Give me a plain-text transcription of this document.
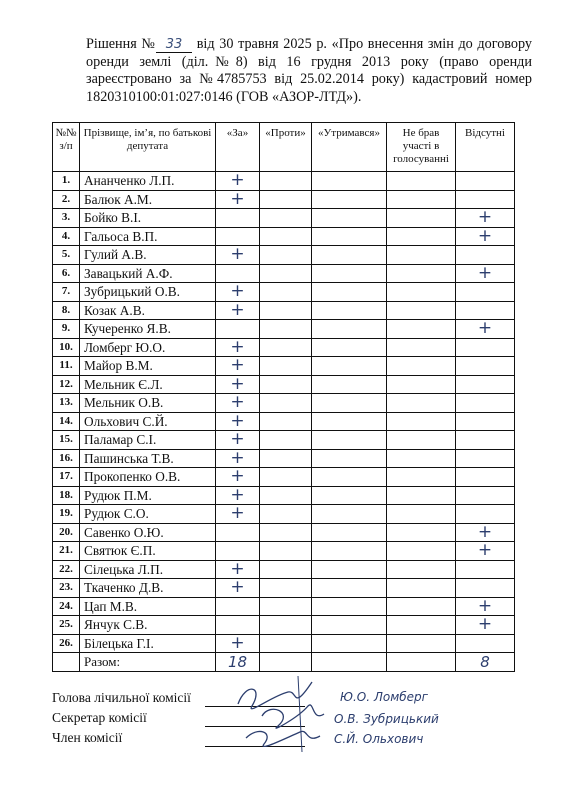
Рішення № 33 від 30 травня 2025 р. «Про внесення змін до договору оренди землі (діл.№8) від 16 грудня 2013 року (право оренди зареєстровано за №4785753 від 25.02.2014 року) кадастровий номер 1820310100:01:027:0146 (ГОВ «АЗОР-ЛТД»).
№№ з/п	Прізвище, ім’я, по батькові депутата	«За»	«Проти»	«Утримався»	Не брав участі в голосуванні	Відсутні
1.	Ананченко Л.П.	+				
2.	Балюк А.М.	+				
3.	Бойко В.І.					+
4.	Гальоса В.П.					+
5.	Гулий А.В.	+				
6.	Завацький А.Ф.					+
7.	Зубрицький О.В.	+				
8.	Козак А.В.	+				
9.	Кучеренко Я.В.					+
10.	Ломберг Ю.О.	+				
11.	Майор В.М.	+				
12.	Мельник Є.Л.	+				
13.	Мельник О.В.	+				
14.	Ольхович С.Й.	+				
15.	Паламар С.І.	+				
16.	Пашинська Т.В.	+				
17.	Прокопенко О.В.	+				
18.	Рудюк П.М.	+				
19.	Рудюк С.О.	+				
20.	Савенко О.Ю.					+
21.	Святюк Є.П.					+
22.	Сілецька Л.П.	+				
23.	Ткаченко Д.В.	+				
24.	Цап М.В.					+
25.	Янчук С.В.					+
26.	Білецька Г.І.	+				
	Разом:	18				8
Голова лічильної комісії
Секретар комісії
Член комісії
Ю.О. Ломберг
О.В. Зубрицький
С.Й. Ольхович
